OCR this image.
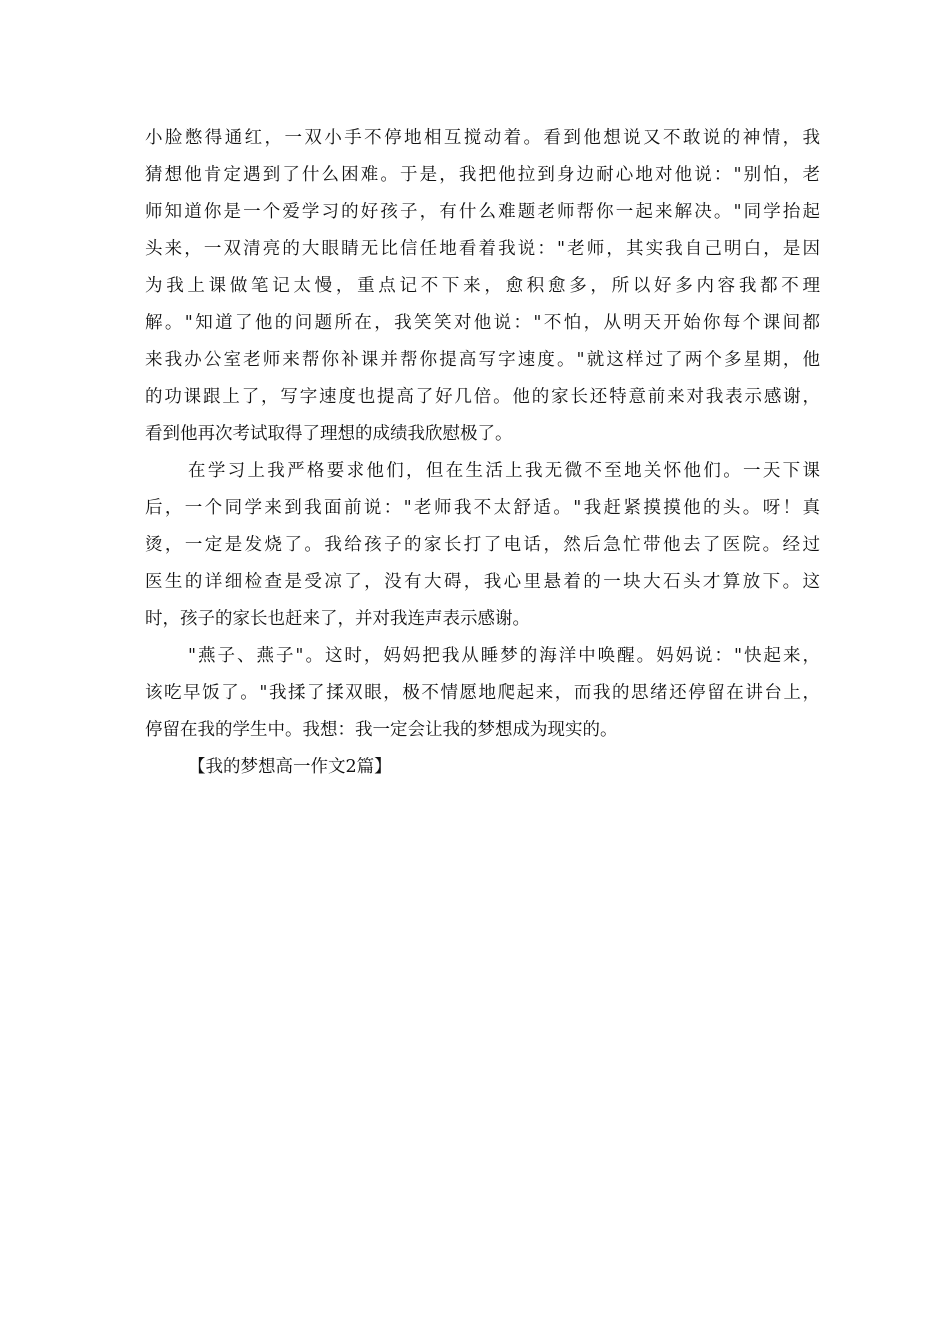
小脸憋得通红，一双小手不停地相互搅动着。看到他想说又不敢说的神情，我
猜想他肯定遇到了什么困难。于是，我把他拉到身边耐心地对他说："别怕，老
师知道你是一个爱学习的好孩子，有什么难题老师帮你一起来解决。"同学抬起
头来，一双清亮的大眼睛无比信任地看着我说："老师，其实我自己明白，是因
为我上课做笔记太慢，重点记不下来，愈积愈多，所以好多内容我都不理
解。"知道了他的问题所在，我笑笑对他说："不怕，从明天开始你每个课间都
来我办公室老师来帮你补课并帮你提高写字速度。"就这样过了两个多星期，他
的功课跟上了，写字速度也提高了好几倍。他的家长还特意前来对我表示感谢，
看到他再次考试取得了理想的成绩我欣慰极了。
在学习上我严格要求他们，但在生活上我无微不至地关怀他们。一天下课
后，一个同学来到我面前说："老师我不太舒适。"我赶紧摸摸他的头。呀！真
烫，一定是发烧了。我给孩子的家长打了电话，然后急忙带他去了医院。经过
医生的详细检查是受凉了，没有大碍，我心里悬着的一块大石头才算放下。这
时，孩子的家长也赶来了，并对我连声表示感谢。
"燕子、燕子"。这时，妈妈把我从睡梦的海洋中唤醒。妈妈说："快起来，
该吃早饭了。"我揉了揉双眼，极不情愿地爬起来，而我的思绪还停留在讲台上，
停留在我的学生中。我想：我一定会让我的梦想成为现实的。
【我的梦想高一作文2篇】
